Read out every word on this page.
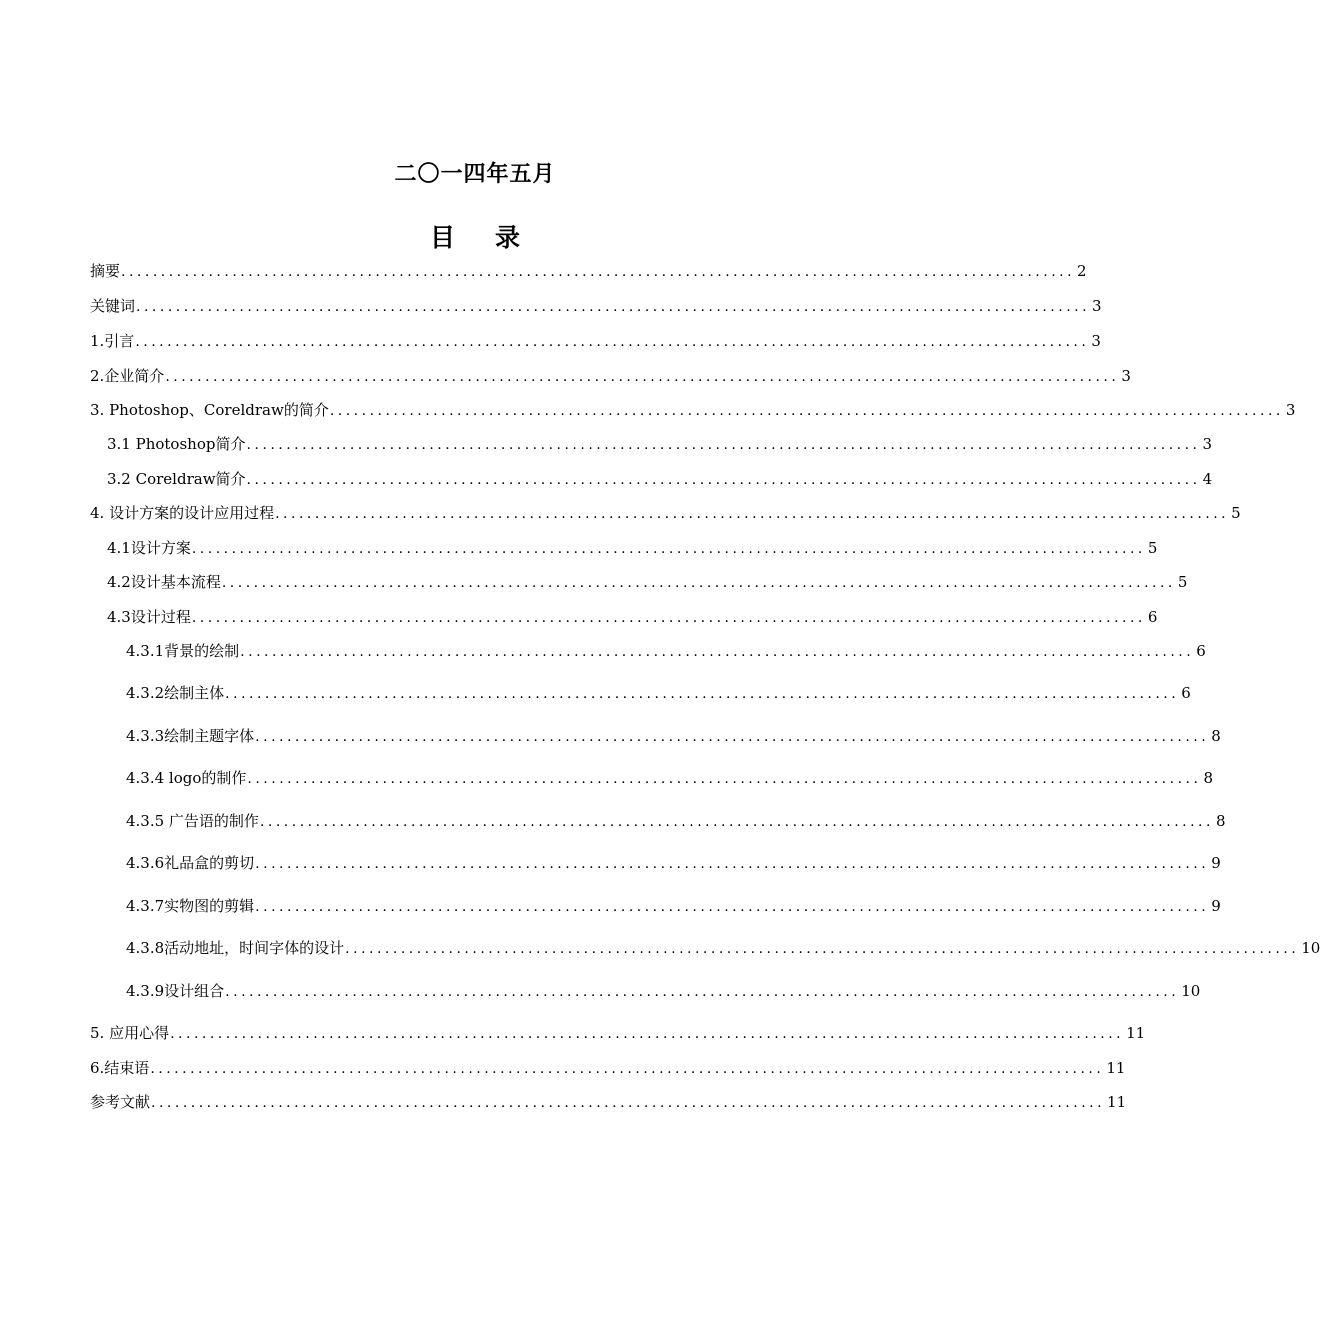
二〇一四年五月
目 录
摘要 ........................................................................................................................ 2
关键词 ........................................................................................................................ 3
1.引言 ........................................................................................................................ 3
2.企业简介 ........................................................................................................................ 3
3. Photoshop、Coreldraw的简介 ........................................................................................................................ 3
3.1 Photoshop简介 ........................................................................................................................ 3
3.2 Coreldraw简介 ........................................................................................................................ 4
4. 设计方案的设计应用过程 ........................................................................................................................ 5
4.1设计方案 ........................................................................................................................ 5
4.2设计基本流程 ........................................................................................................................ 5
4.3设计过程 ........................................................................................................................ 6
4.3.1背景的绘制 ........................................................................................................................ 6
4.3.2绘制主体 ........................................................................................................................ 6
4.3.3绘制主题字体 ........................................................................................................................ 8
4.3.4 logo的制作 ........................................................................................................................ 8
4.3.5 广告语的制作 ........................................................................................................................ 8
4.3.6礼品盒的剪切 ........................................................................................................................ 9
4.3.7实物图的剪辑 ........................................................................................................................ 9
4.3.8活动地址，时间字体的设计 ........................................................................................................................ 10
4.3.9设计组合 ........................................................................................................................ 10
5. 应用心得 ........................................................................................................................ 11
6.结束语 ........................................................................................................................ 11
参考文献 ........................................................................................................................ 11
